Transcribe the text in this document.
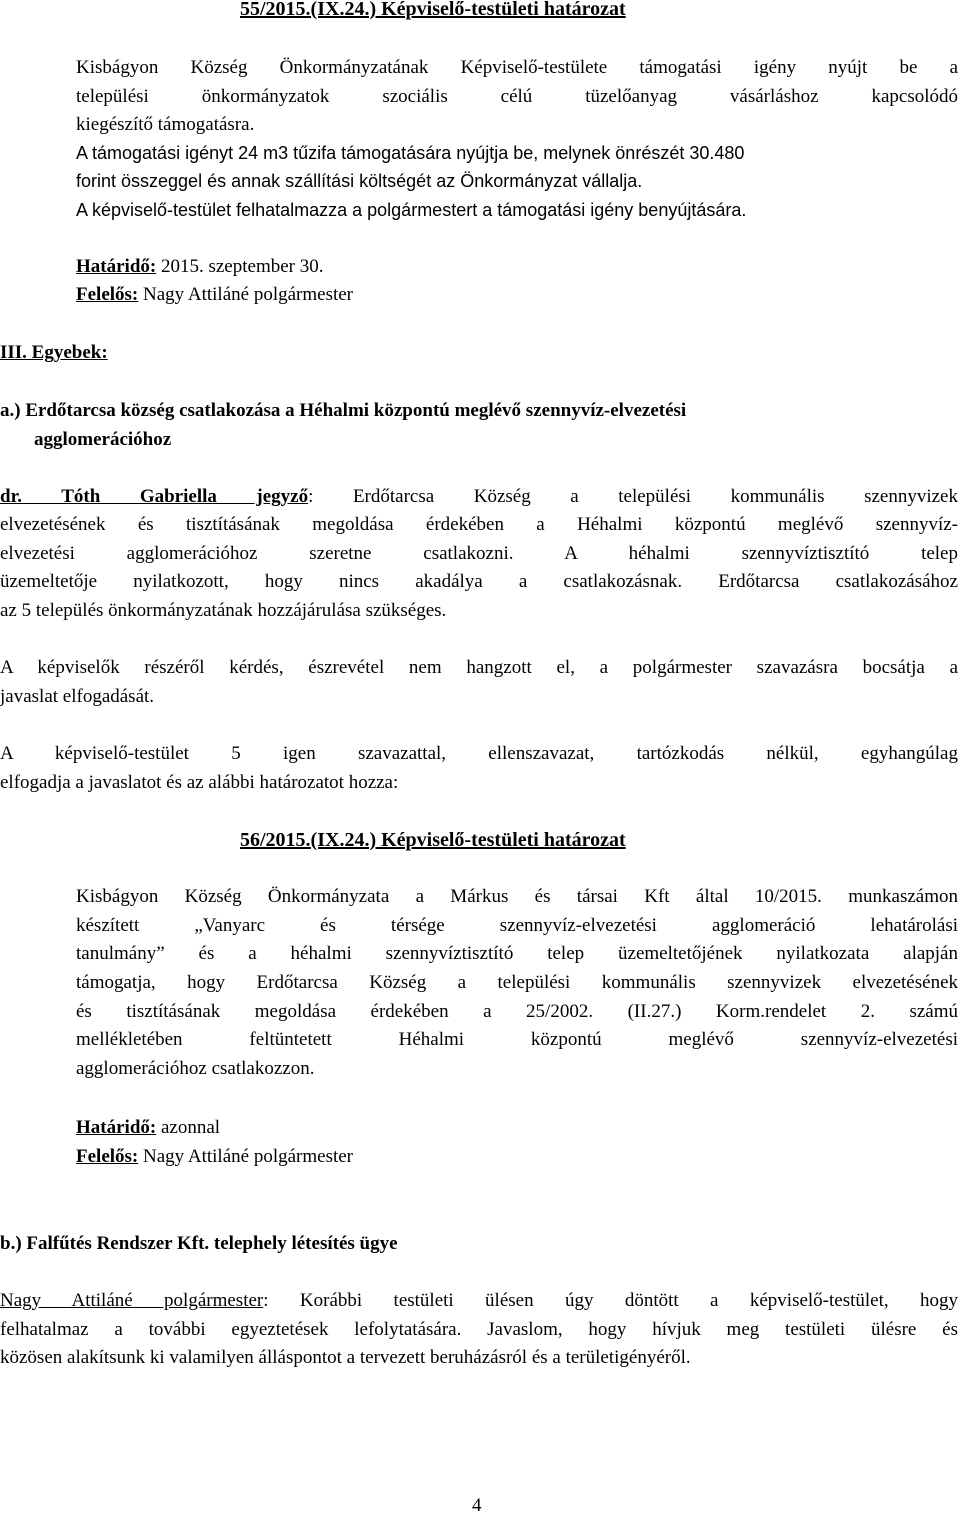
55/2015.(IX.24.) Képviselő-testületi határozat
Kisbágyon Község Önkormányzatának Képviselő-testülete támogatási igény nyújt be a
települési önkormányzatok szociális célú tüzelőanyag vásárláshoz kapcsolódó
kiegészítő támogatásra.
A támogatási igényt 24 m3 tűzifa támogatására nyújtja be, melynek önrészét 30.480
forint összeggel és annak szállítási költségét az Önkormányzat vállalja.
A képviselő-testület felhatalmazza a polgármestert a támogatási igény benyújtására.
Határidő: 2015. szeptember 30.
Felelős: Nagy Attiláné polgármester
III. Egyebek:
a.) Erdőtarcsa község csatlakozása a Héhalmi központú meglévő szennyvíz-elvezetési
agglomerációhoz
dr. Tóth Gabriella jegyző: Erdőtarcsa Község a települési kommunális szennyvizek
elvezetésének és tisztításának megoldása érdekében a Héhalmi központú meglévő szennyvíz-
elvezetési agglomerációhoz szeretne csatlakozni. A héhalmi szennyvíztisztító telep
üzemeltetője nyilatkozott, hogy nincs akadálya a csatlakozásnak. Erdőtarcsa csatlakozásához
az 5 település önkormányzatának hozzájárulása szükséges.
A képviselők részéről kérdés, észrevétel nem hangzott el, a polgármester szavazásra bocsátja a
javaslat elfogadását.
A képviselő-testület 5 igen szavazattal, ellenszavazat, tartózkodás nélkül, egyhangúlag
elfogadja a javaslatot és az alábbi határozatot hozza:
56/2015.(IX.24.) Képviselő-testületi határozat
Kisbágyon Község Önkormányzata a Márkus és társai Kft által 10/2015. munkaszámon
készített „Vanyarc és térsége szennyvíz-elvezetési agglomeráció lehatárolási
tanulmány” és a héhalmi szennyvíztisztító telep üzemeltetőjének nyilatkozata alapján
támogatja, hogy Erdőtarcsa Község a települési kommunális szennyvizek elvezetésének
és tisztításának megoldása érdekében a 25/2002. (II.27.) Korm.rendelet 2. számú
mellékletében feltüntetett Héhalmi központú meglévő szennyvíz-elvezetési
agglomerációhoz csatlakozzon.
Határidő: azonnal
Felelős: Nagy Attiláné polgármester
b.) Falfűtés Rendszer Kft. telephely létesítés ügye
Nagy Attiláné polgármester: Korábbi testületi ülésen úgy döntött a képviselő-testület, hogy
felhatalmaz a további egyeztetések lefolytatására. Javaslom, hogy hívjuk meg testületi ülésre és
közösen alakítsunk ki valamilyen álláspontot a tervezett beruházásról és a területigényéről.
4
